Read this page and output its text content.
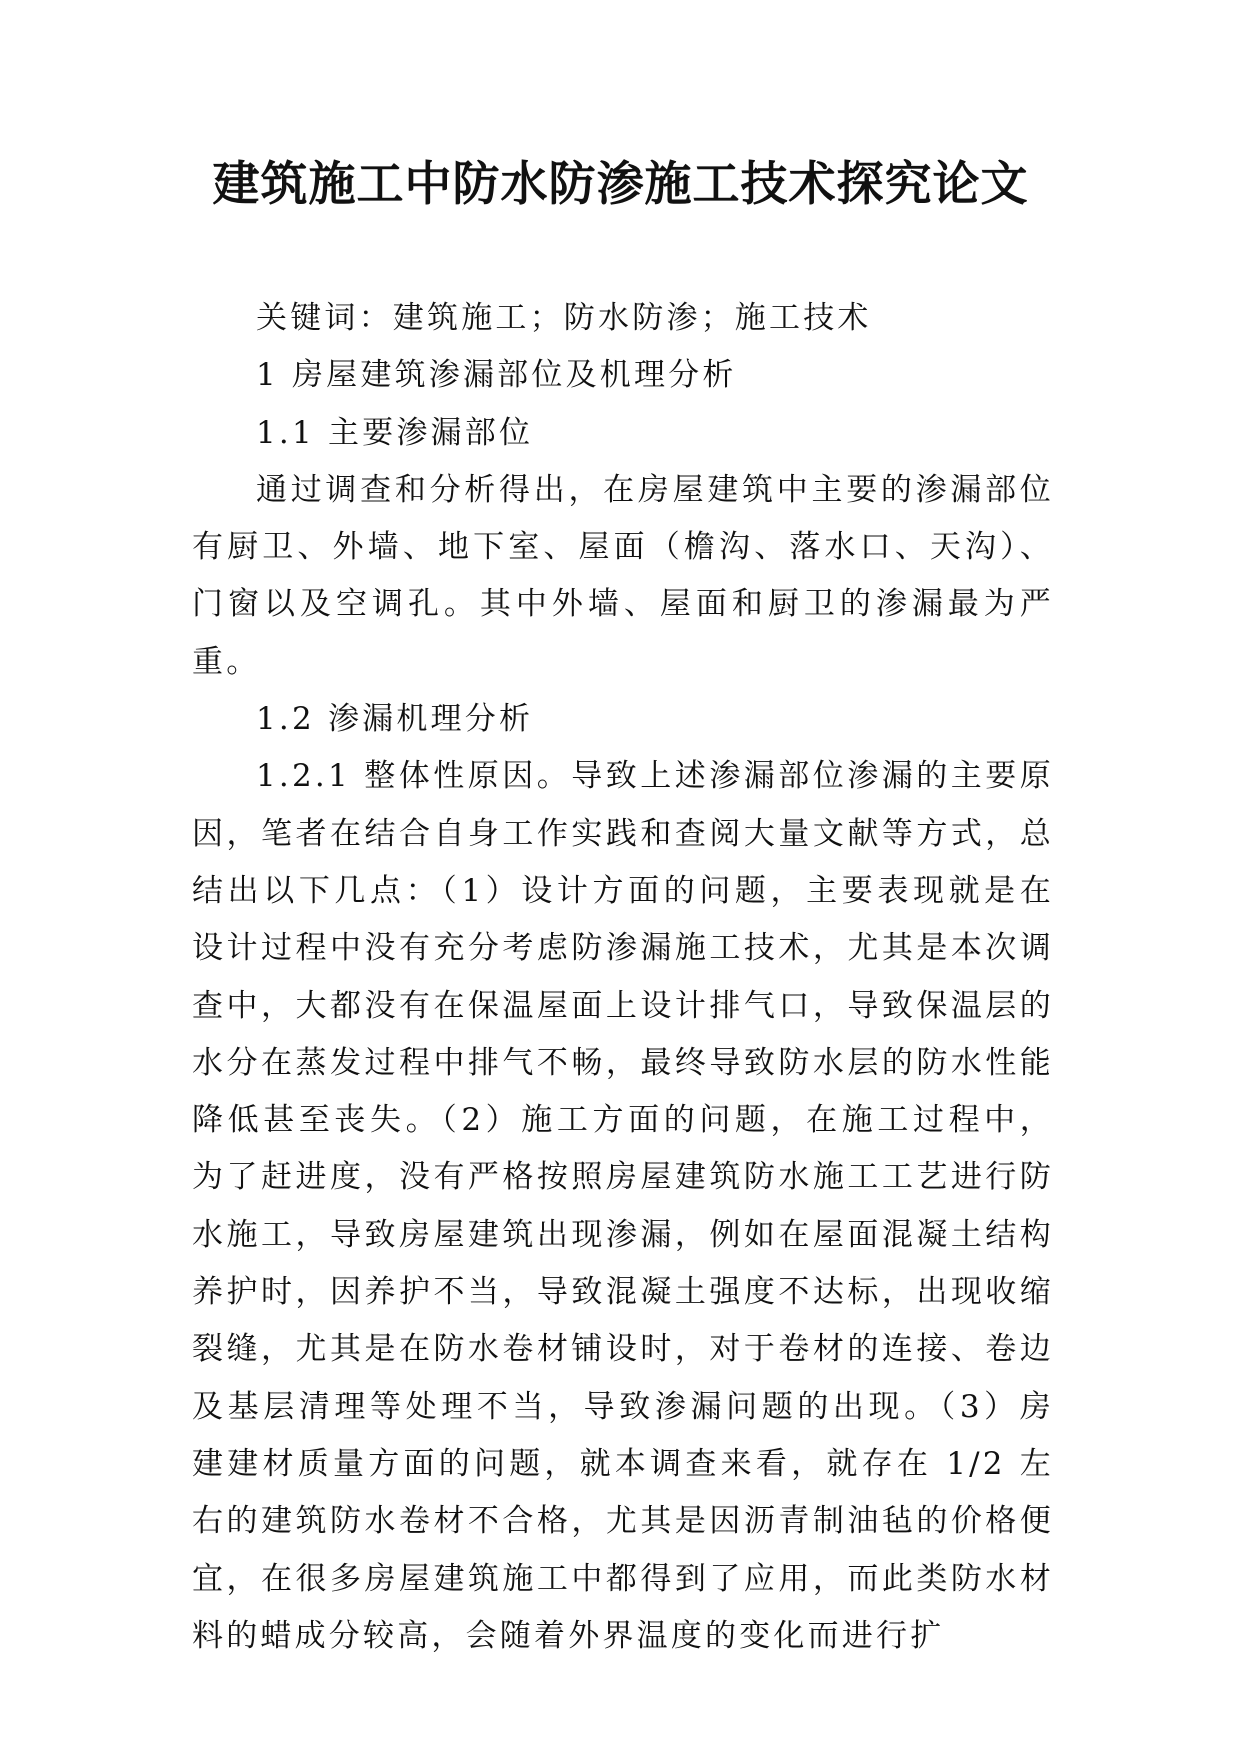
建筑施工中防水防渗施工技术探究论文

关键词：建筑施工；防水防渗；施工技术

1 房屋建筑渗漏部位及机理分析

1.1 主要渗漏部位

通过调查和分析得出，在房屋建筑中主要的渗漏部位有厨卫、外墙、地下室、屋面（檐沟、落水口、天沟）、门窗以及空调孔。其中外墙、屋面和厨卫的渗漏最为严重。

1.2 渗漏机理分析

1.2.1 整体性原因。导致上述渗漏部位渗漏的主要原因，笔者在结合自身工作实践和查阅大量文献等方式，总结出以下几点：（1）设计方面的问题，主要表现就是在设计过程中没有充分考虑防渗漏施工技术，尤其是本次调查中，大都没有在保温屋面上设计排气口，导致保温层的水分在蒸发过程中排气不畅，最终导致防水层的防水性能降低甚至丧失。（2）施工方面的问题，在施工过程中，为了赶进度，没有严格按照房屋建筑防水施工工艺进行防水施工，导致房屋建筑出现渗漏，例如在屋面混凝土结构养护时，因养护不当，导致混凝土强度不达标，出现收缩裂缝，尤其是在防水卷材铺设时，对于卷材的连接、卷边及基层清理等处理不当，导致渗漏问题的出现。（3）房建建材质量方面的问题，就本调查来看，就存在 1/2 左右的建筑防水卷材不合格，尤其是因沥青制油毡的价格便宜，在很多房屋建筑施工中都得到了应用，而此类防水材料的蜡成分较高，会随着外界温度的变化而进行扩
